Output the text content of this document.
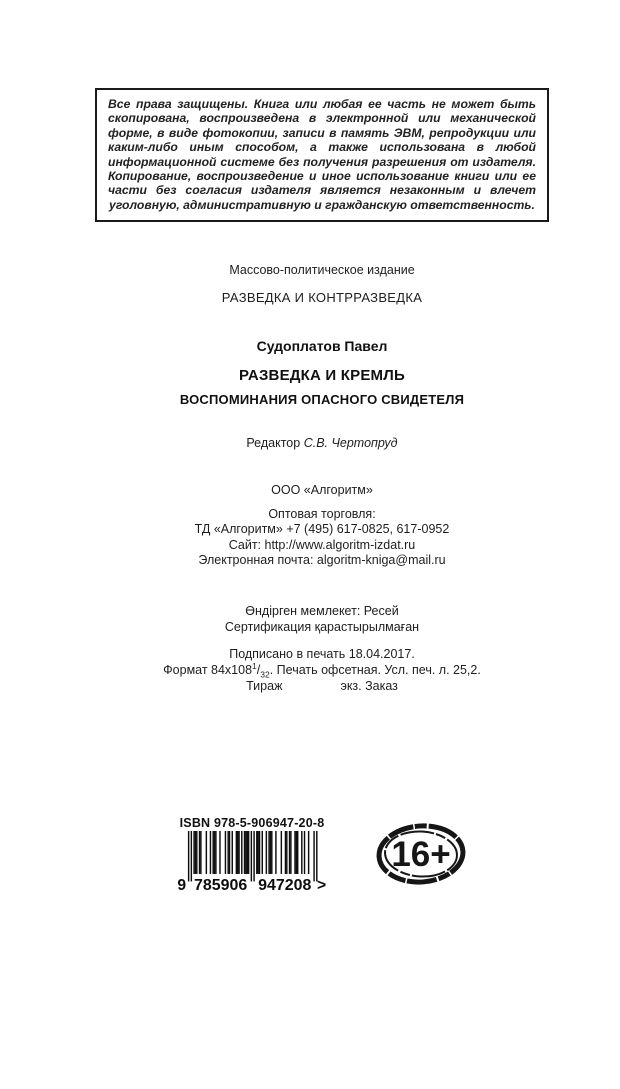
Все права защищены. Книга или любая ее часть не может быть скопирована, воспроизведена в электронной или механической форме, в виде фотокопии, записи в память ЭВМ, репродукции или каким-либо иным способом, а также использована в любой информационной системе без получения разрешения от издателя. Копирование, воспроизведение и иное использование книги или ее части без согласия издателя является незаконным и влечет уголовную, административную и гражданскую ответственность.

Массово-политическое издание
РАЗВЕДКА И КОНТРРАЗВЕДКА
Судоплатов Павел
РАЗВЕДКА И КРЕМЛЬ
ВОСПОМИНАНИЯ ОПАСНОГО СВИДЕТЕЛЯ
Редактор С.В. Чертопруд
ООО «Алгоритм»
Оптовая торговля:
ТД «Алгоритм» +7 (495) 617-0825, 617-0952
Сайт: http://www.algoritm-izdat.ru
Электронная почта: algoritm-kniga@mail.ru
Өндірген мемлекет: Ресей
Сертификация қарастырылмаған
Подписано в печать 18.04.2017.
Формат $84x108^1/_{32}$. Печать офсетная. Усл. печ. л. 25,2.
Тираж	экз. Заказ
ISBN 978-5-906947-20-8
9 785906 947208 >
16+
